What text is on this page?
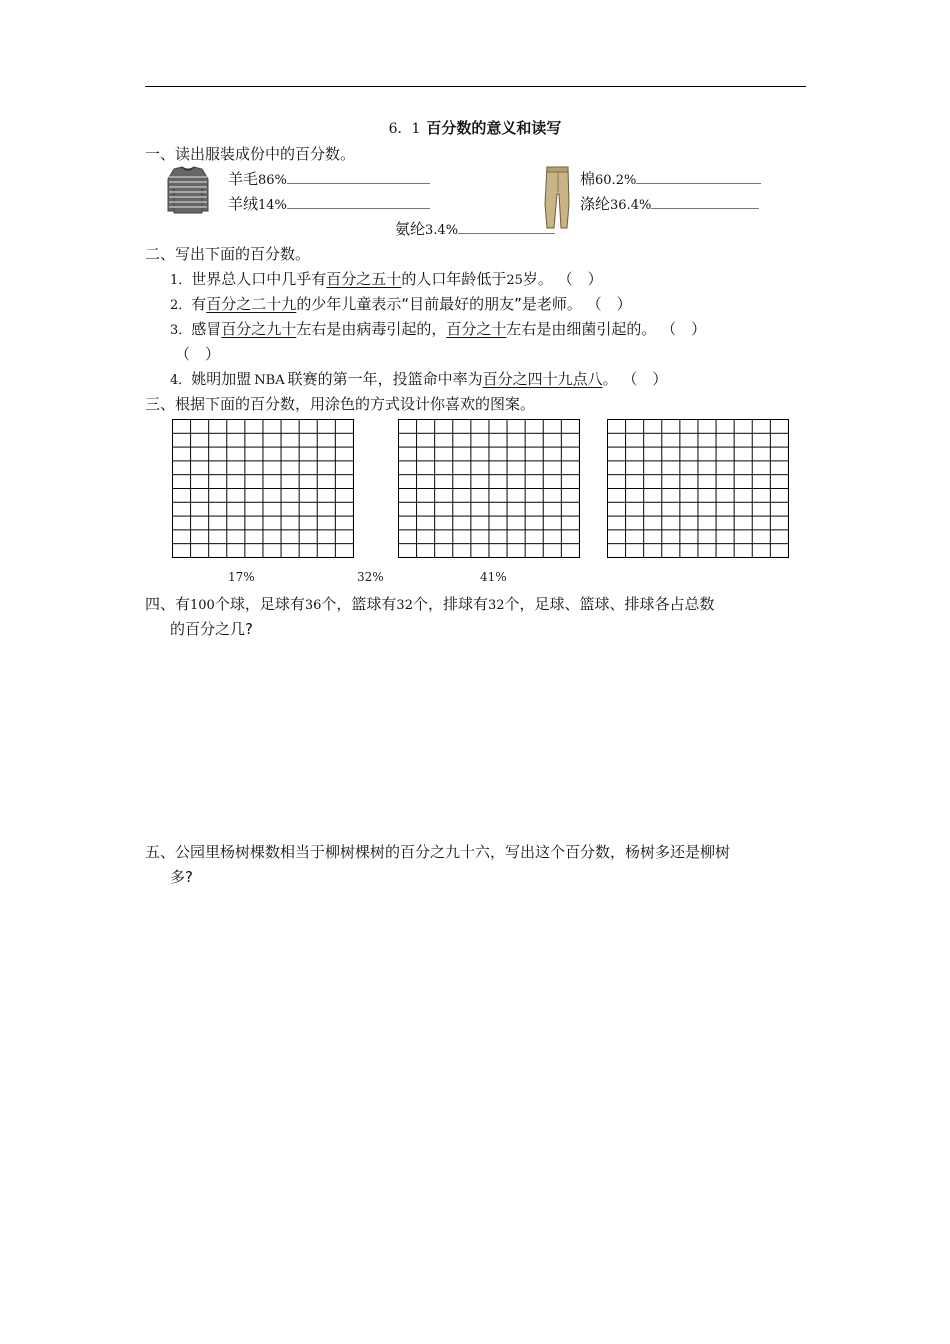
6．1 百分数的意义和读写
一、读出服装成份中的百分数。
羊毛86%
羊绒14%
棉60.2%
涤纶36.4%
氨纶3.4%
二、写出下面的百分数。
1．世界总人口中几乎有百分之五十的人口年龄低于25岁。 （　）
2．有百分之二十九的少年儿童表示“目前最好的朋友”是老师。 （　）
3．感冒百分之九十左右是由病毒引起的，百分之十左右是由细菌引起的。 （　）
（　）
4．姚明加盟 NBA 联赛的第一年，投篮命中率为百分之四十九点八。 （　）
三、根据下面的百分数，用涂色的方式设计你喜欢的图案。
17%	32%	41%
四、有100个球，足球有36个，篮球有32个，排球有32个，足球、篮球、排球各占总数
的百分之几?
五、公园里杨树棵数相当于柳树棵树的百分之九十六，写出这个百分数，杨树多还是柳树
多?
